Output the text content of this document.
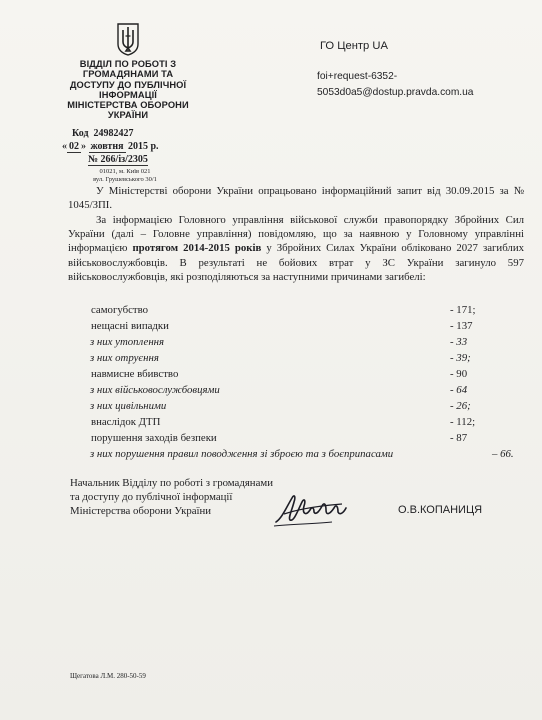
ВІДДІЛ ПО РОБОТІ З
ГРОМАДЯНАМИ ТА
ДОСТУПУ ДО ПУБЛІЧНОЇ
ІНФОРМАЦІЇ
МІНІСТЕРСТВА ОБОРОНИ
УКРАЇНИ
Код 24982427
« 02 » жовтня 2015 р.
№ 266/із/2305
01021, м. Київ 021
вул. Грушевського 30/1
ГО Центр UA
foi+request-6352-
5053d0a5@dostup.pravda.com.ua
У Міністерстві оборони України опрацьовано інформаційний запит від 30.09.2015 за № 1045/ЗПІ.
За інформацією Головного управління військової служби правопорядку Збройних Сил України (далі – Головне управління) повідомляю, що за наявною у Головному управлінні інформацією протягом 2014-2015 років у Збройних Силах України обліковано 2027 загиблих військовослужбовців. В результаті не бойових втрат у ЗС України загинуло 597 військовослужбовців, які розподіляються за наступними причинами загибелі:
самогубство	- 171;
нещасні випадки	- 137
з них утоплення	- 33
з них отруєння	- 39;
навмисне вбивство	- 90
з них військовослужбовцями	- 64
з них цивільними	- 26;
внаслідок ДТП	- 112;
порушення заходів безпеки	- 87
з них порушення правил поводження зі зброєю та з боєприпасами	– 66.
Начальник Відділу по роботі з громадянами
та доступу до публічної інформації
Міністерства оборони України	О.В.КОПАНИЦЯ
Щегатова Л.М. 280-50-59
